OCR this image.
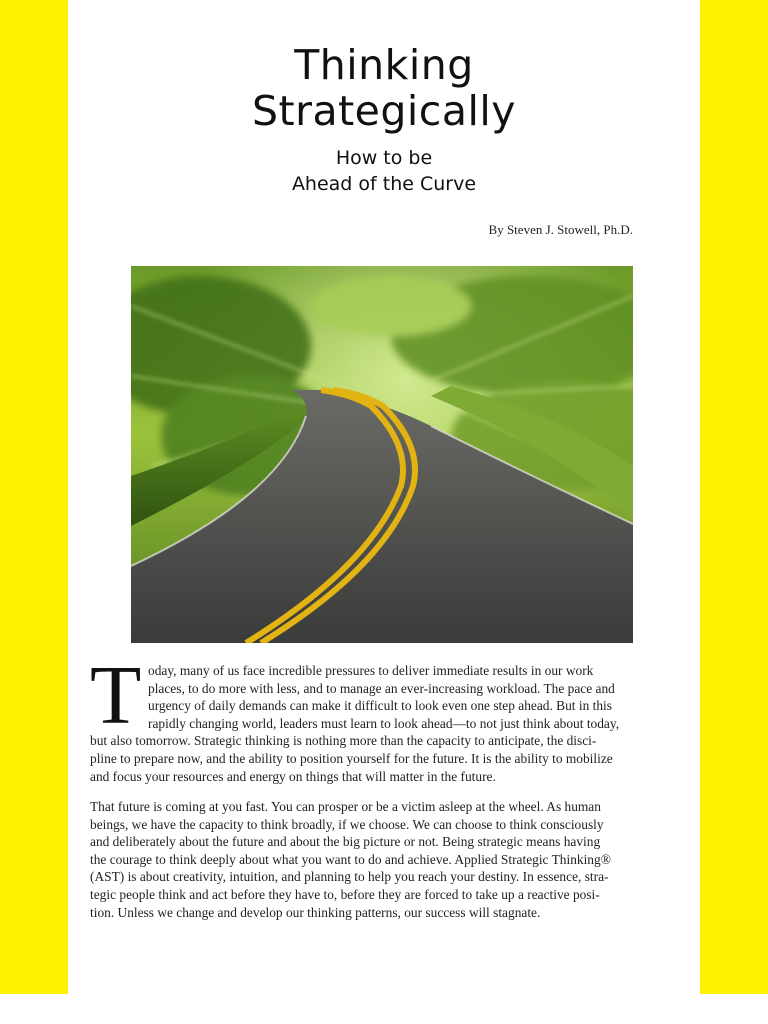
Thinking
Strategically
How to be
Ahead of the Curve
By Steven J. Stowell, Ph.D.
T oday, many of us face incredible pressures to deliver immediate results in our work
places, to do more with less, and to manage an ever-increasing workload. The pace and
urgency of daily demands can make it difficult to look even one step ahead. But in this
rapidly changing world, leaders must learn to look ahead—to not just think about today,
but also tomorrow. Strategic thinking is nothing more than the capacity to anticipate, the disci-
pline to prepare now, and the ability to position yourself for the future. It is the ability to mobilize
and focus your resources and energy on things that will matter in the future.
That future is coming at you fast. You can prosper or be a victim asleep at the wheel. As human
beings, we have the capacity to think broadly, if we choose. We can choose to think consciously
and deliberately about the future and about the big picture or not. Being strategic means having
the courage to think deeply about what you want to do and achieve. Applied Strategic Thinking®
(AST) is about creativity, intuition, and planning to help you reach your destiny. In essence, stra-
tegic people think and act before they have to, before they are forced to take up a reactive posi-
tion. Unless we change and develop our thinking patterns, our success will stagnate.
